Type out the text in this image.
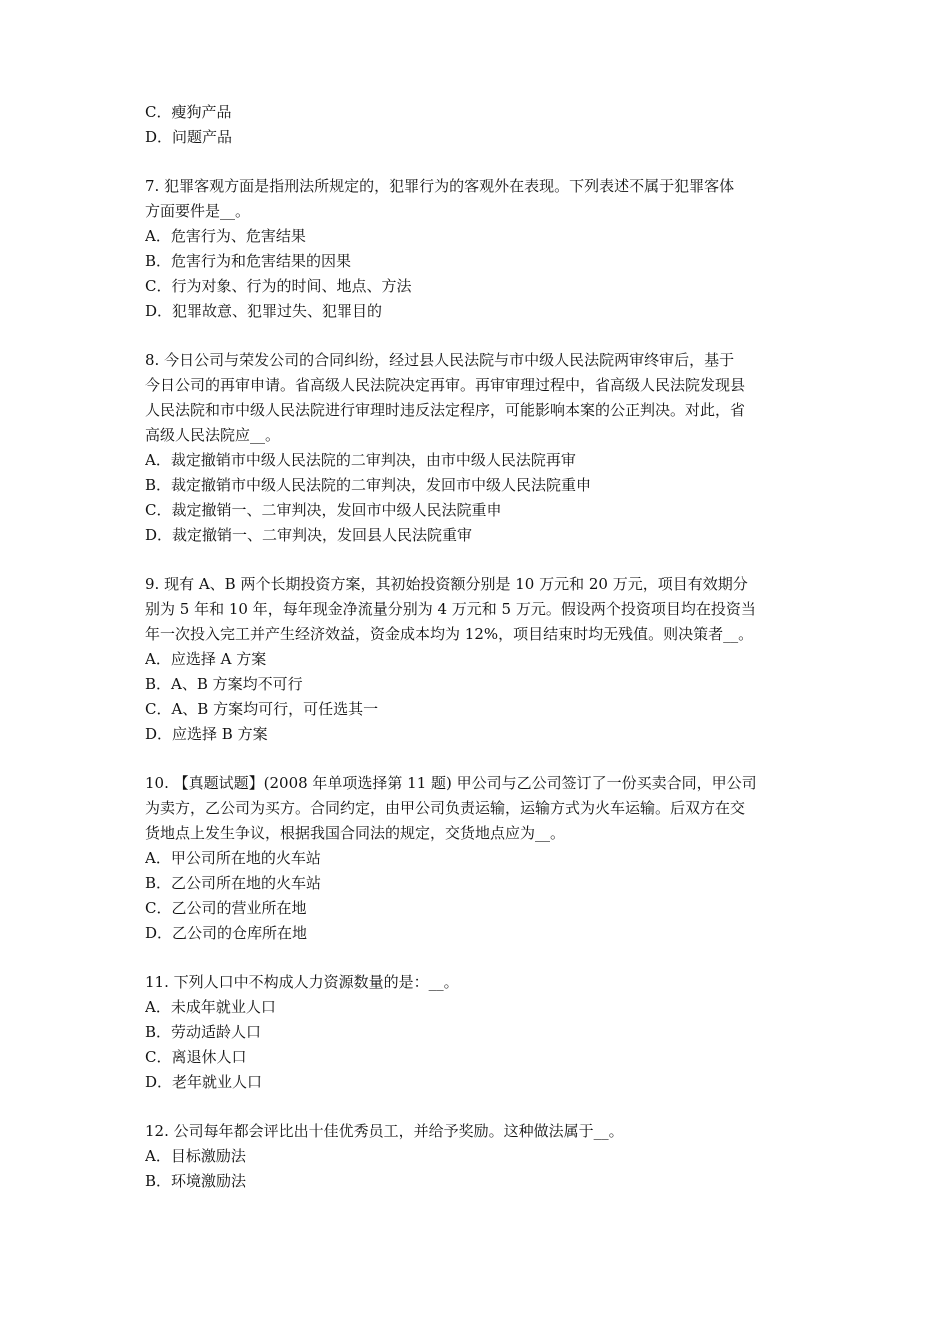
C．瘦狗产品
D．问题产品
7. 犯罪客观方面是指刑法所规定的，犯罪行为的客观外在表现。下列表述不属于犯罪客体
方面要件是__。
A．危害行为、危害结果
B．危害行为和危害结果的因果
C．行为对象、行为的时间、地点、方法
D．犯罪故意、犯罪过失、犯罪目的
8. 今日公司与荣发公司的合同纠纷，经过县人民法院与市中级人民法院两审终审后，基于
今日公司的再审申请。省高级人民法院决定再审。再审审理过程中，省高级人民法院发现县
人民法院和市中级人民法院进行审理时违反法定程序，可能影响本案的公正判决。对此，省
高级人民法院应__。
A．裁定撤销市中级人民法院的二审判决，由市中级人民法院再审
B．裁定撤销市中级人民法院的二审判决，发回市中级人民法院重申
C．裁定撤销一、二审判决，发回市中级人民法院重申
D．裁定撤销一、二审判决，发回县人民法院重审
9. 现有 A、B 两个长期投资方案，其初始投资额分别是 10 万元和 20 万元，项目有效期分
别为 5 年和 10 年，每年现金净流量分别为 4 万元和 5 万元。假设两个投资项目均在投资当
年一次投入完工并产生经济效益，资金成本均为 12%，项目结束时均无残值。则决策者__。
A．应选择 A 方案
B．A、B 方案均不可行
C．A、B 方案均可行，可任选其一
D．应选择 B 方案
10. 【真题试题】(2008 年单项选择第 11 题) 甲公司与乙公司签订了一份买卖合同，甲公司
为卖方，乙公司为买方。合同约定，由甲公司负责运输，运输方式为火车运输。后双方在交
货地点上发生争议，根据我国合同法的规定，交货地点应为__。
A．甲公司所在地的火车站
B．乙公司所在地的火车站
C．乙公司的营业所在地
D．乙公司的仓库所在地
11. 下列人口中不构成人力资源数量的是：__。
A．未成年就业人口
B．劳动适龄人口
C．离退休人口
D．老年就业人口
12. 公司每年都会评比出十佳优秀员工，并给予奖励。这种做法属于__。
A．目标激励法
B．环境激励法
